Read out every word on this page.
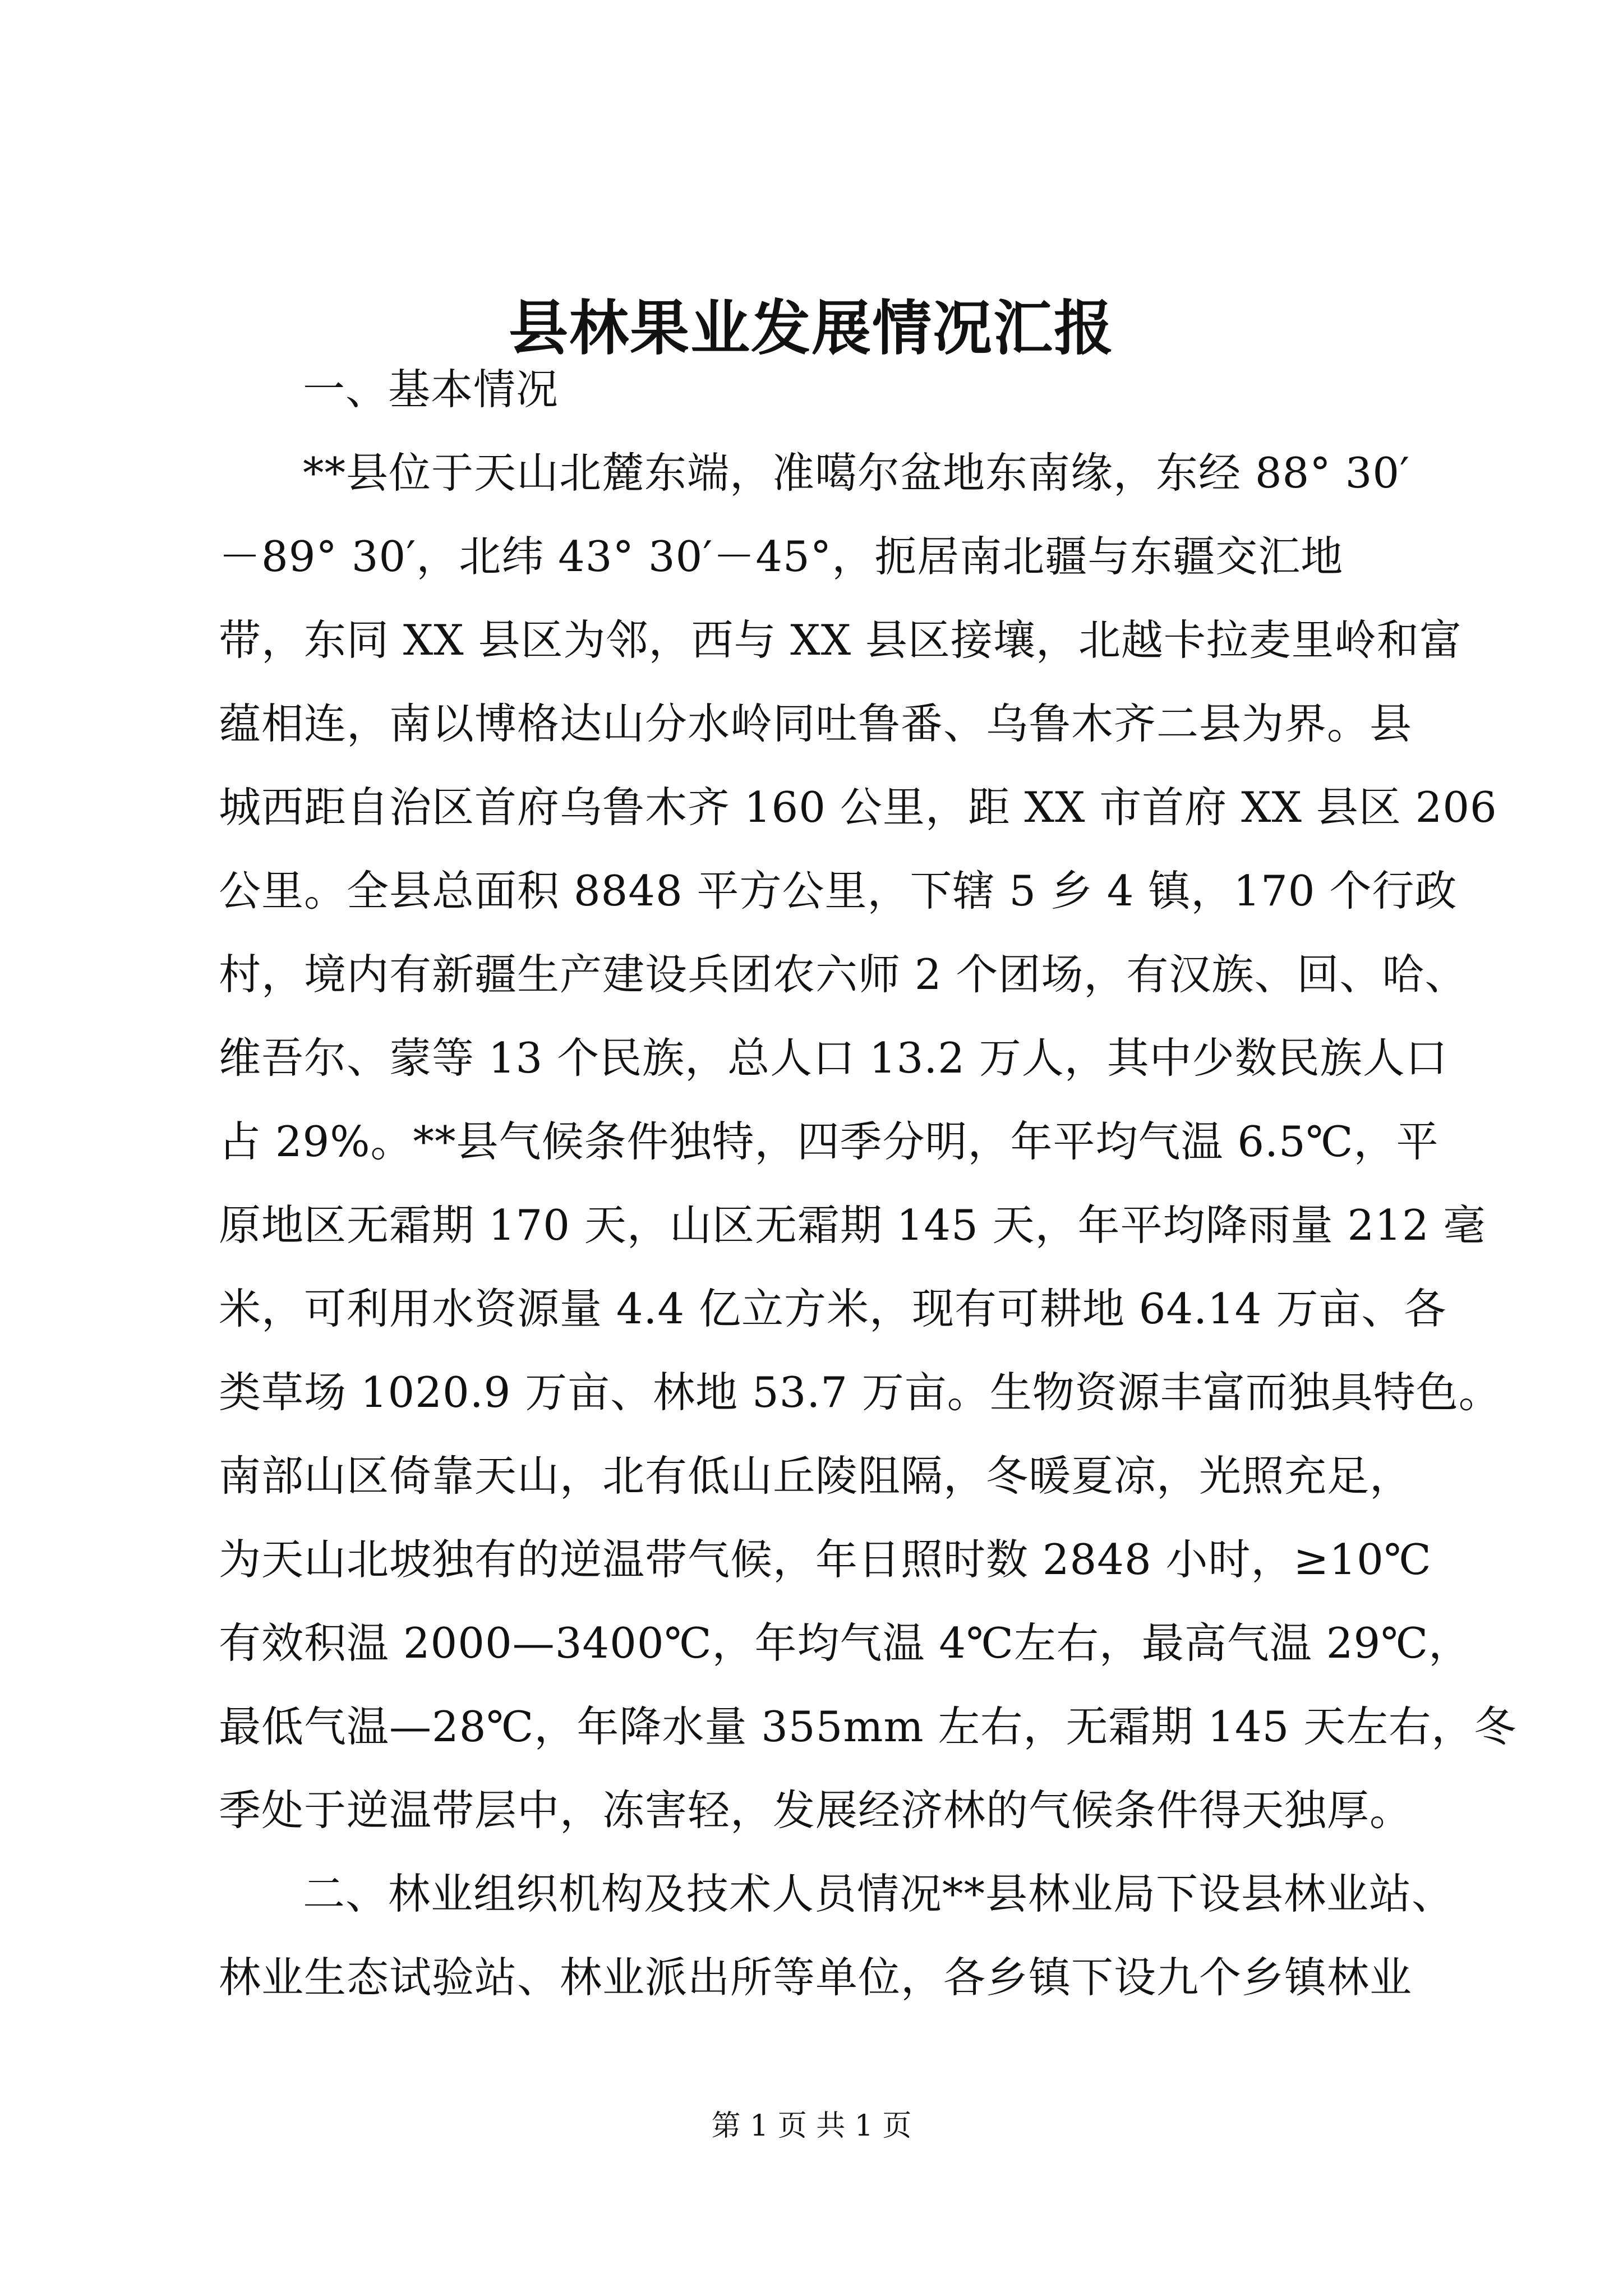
县林果业发展情况汇报
一、基本情况
**县位于天山北麓东端，准噶尔盆地东南缘，东经 88° 30′
－89° 30′，北纬 43° 30′－45°，扼居南北疆与东疆交汇地
带，东同 XX 县区为邻，西与 XX 县区接壤，北越卡拉麦里岭和富
蕴相连，南以博格达山分水岭同吐鲁番、乌鲁木齐二县为界。县
城西距自治区首府乌鲁木齐 160 公里，距 XX 市首府 XX 县区 206
公里。全县总面积 8848 平方公里，下辖 5 乡 4 镇，170 个行政
村，境内有新疆生产建设兵团农六师 2 个团场，有汉族、回、哈、
维吾尔、蒙等 13 个民族，总人口 13.2 万人，其中少数民族人口
占 29%。**县气候条件独特，四季分明，年平均气温 6.5℃，平
原地区无霜期 170 天，山区无霜期 145 天，年平均降雨量 212 毫
米，可利用水资源量 4.4 亿立方米，现有可耕地 64.14 万亩、各
类草场 1020.9 万亩、林地 53.7 万亩。生物资源丰富而独具特色。
南部山区倚靠天山，北有低山丘陵阻隔，冬暖夏凉，光照充足，
为天山北坡独有的逆温带气候，年日照时数 2848 小时，≥10℃
有效积温 2000—3400℃，年均气温 4℃左右，最高气温 29℃，
最低气温—28℃，年降水量 355mm 左右，无霜期 145 天左右，冬
季处于逆温带层中，冻害轻，发展经济林的气候条件得天独厚。
二、林业组织机构及技术人员情况**县林业局下设县林业站、
林业生态试验站、林业派出所等单位，各乡镇下设九个乡镇林业
第 1 页 共 1 页
